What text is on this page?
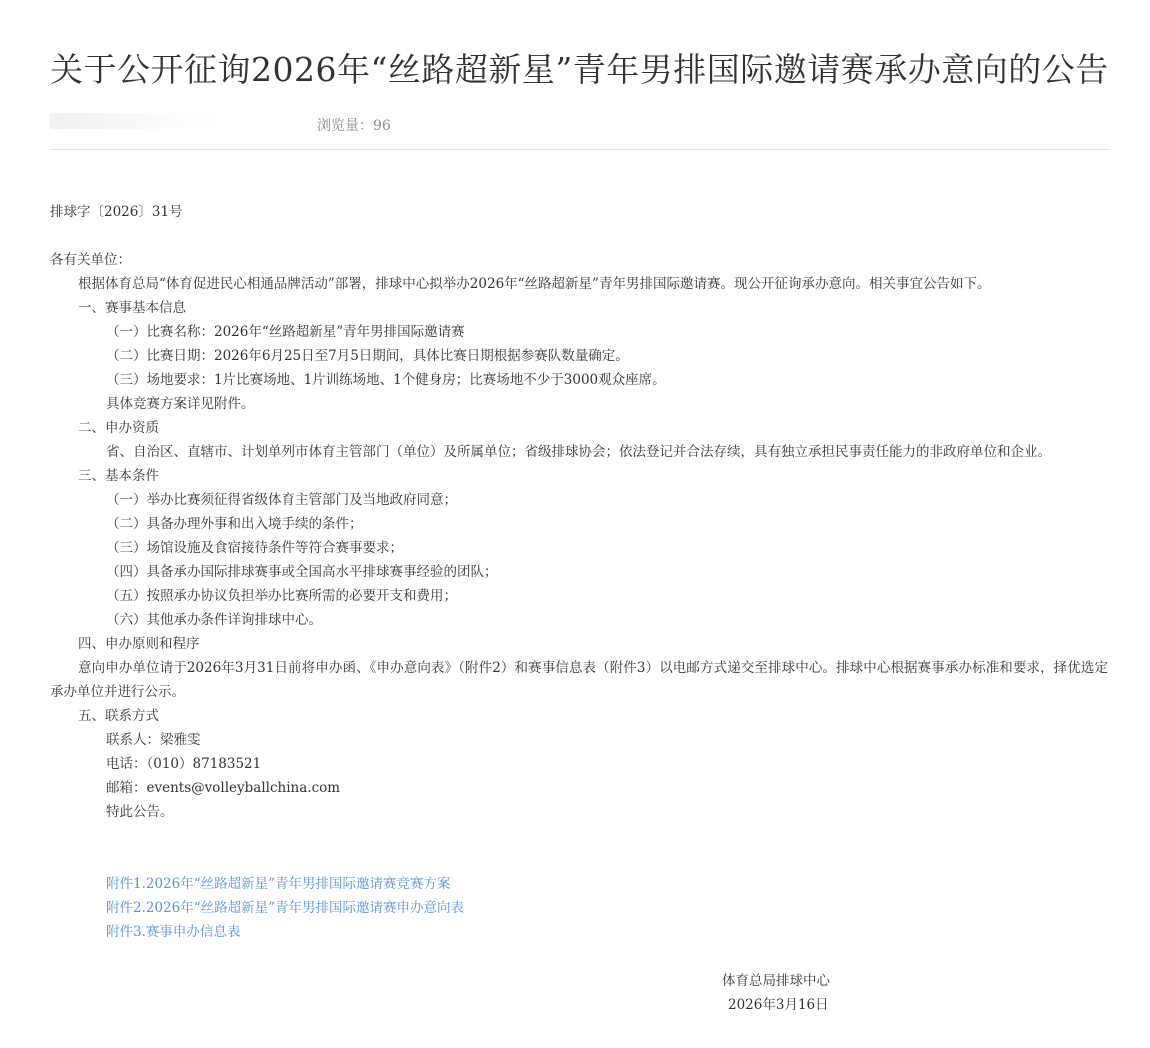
关于公开征询2026年“丝路超新星”青年男排国际邀请赛承办意向的公告
浏览量：96
排球字〔2026〕31号
各有关单位：
根据体育总局“体育促进民心相通品牌活动”部署，排球中心拟举办2026年“丝路超新星”青年男排国际邀请赛。现公开征询承办意向。相关事宜公告如下。
一、赛事基本信息
（一）比赛名称：2026年“丝路超新星”青年男排国际邀请赛
（二）比赛日期：2026年6月25日至7月5日期间，具体比赛日期根据参赛队数量确定。
（三）场地要求：1片比赛场地、1片训练场地、1个健身房；比赛场地不少于3000观众座席。
具体竞赛方案详见附件。
二、申办资质
省、自治区、直辖市、计划单列市体育主管部门（单位）及所属单位；省级排球协会；依法登记并合法存续，具有独立承担民事责任能力的非政府单位和企业。
三、基本条件
（一）举办比赛须征得省级体育主管部门及当地政府同意；
（二）具备办理外事和出入境手续的条件；
（三）场馆设施及食宿接待条件等符合赛事要求；
（四）具备承办国际排球赛事或全国高水平排球赛事经验的团队；
（五）按照承办协议负担举办比赛所需的必要开支和费用；
（六）其他承办条件详询排球中心。
四、申办原则和程序
意向申办单位请于2026年3月31日前将申办函、《申办意向表》（附件2）和赛事信息表（附件3）以电邮方式递交至排球中心。排球中心根据赛事承办标准和要求，择优选定承办单位并进行公示。
五、联系方式
联系人：梁雅雯
电话：（010）87183521
邮箱：events@volleyballchina.com
特此公告。
附件1.2026年“丝路超新星”青年男排国际邀请赛竞赛方案
附件2.2026年“丝路超新星”青年男排国际邀请赛申办意向表
附件3.赛事申办信息表
体育总局排球中心
2026年3月16日
